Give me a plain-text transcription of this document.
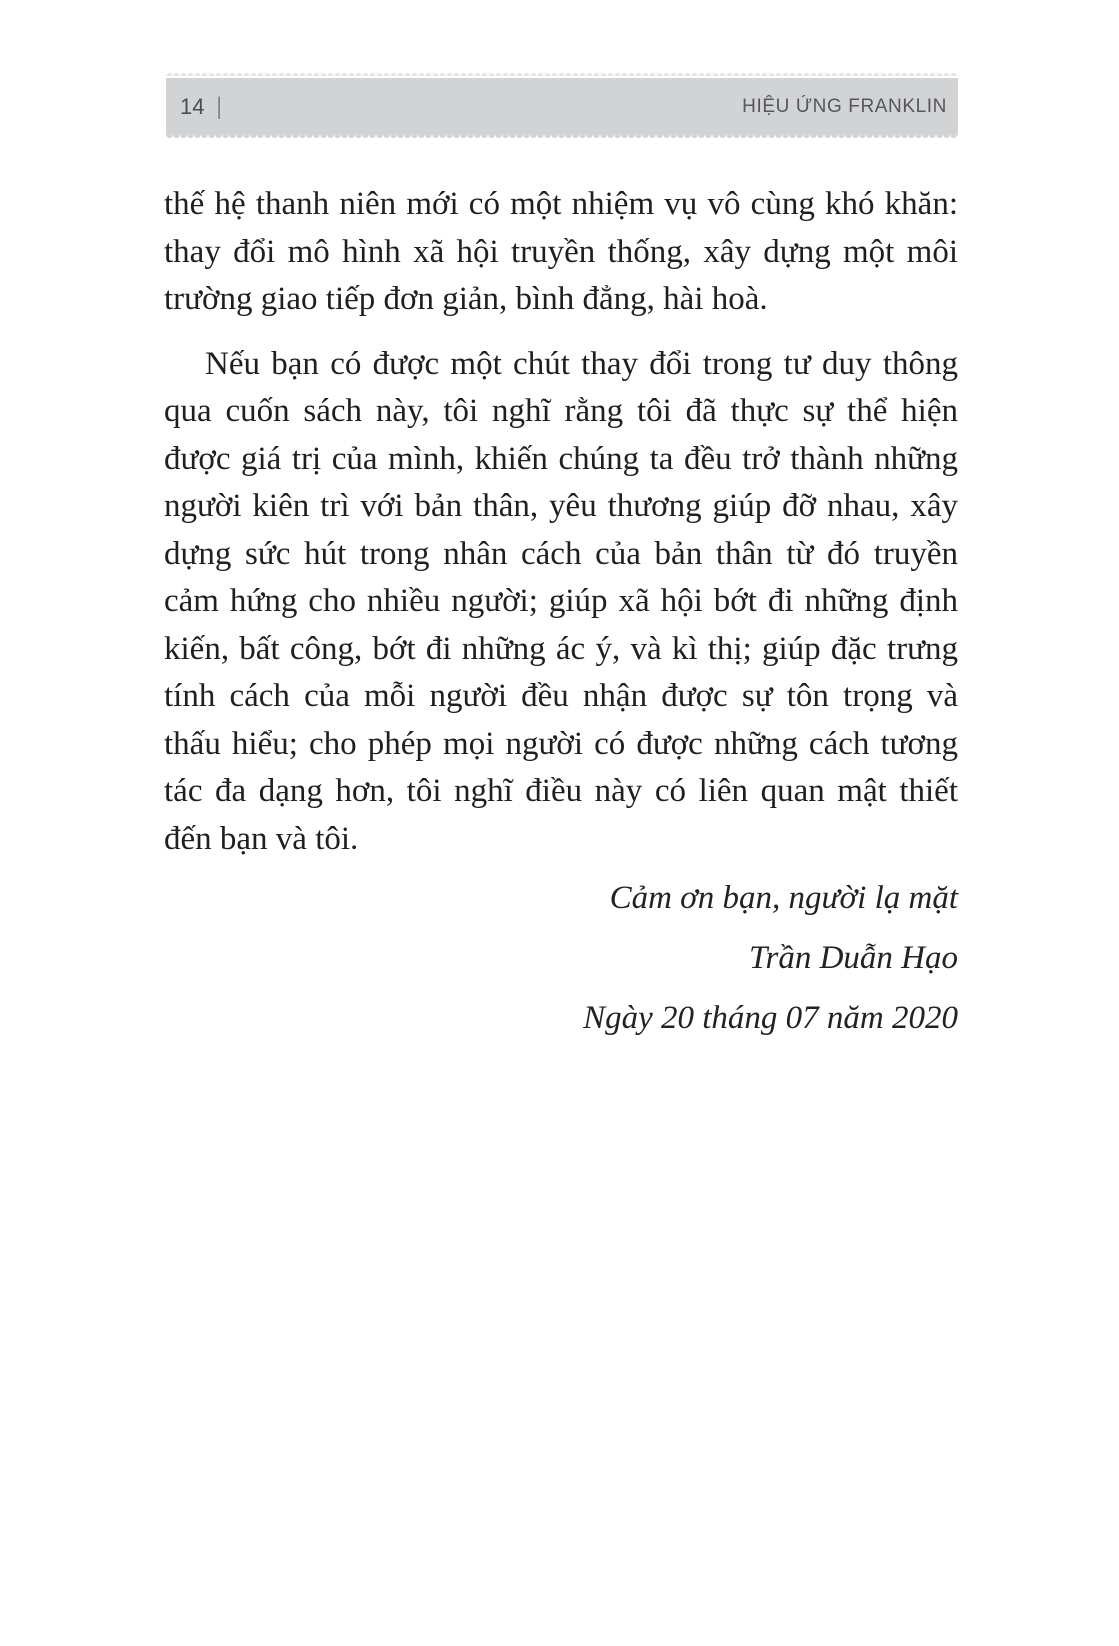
14 |	HIỆU ỨNG FRANKLIN

thế hệ thanh niên mới có một nhiệm vụ vô cùng khó khăn: thay đổi mô hình xã hội truyền thống, xây dựng một môi trường giao tiếp đơn giản, bình đẳng, hài hoà.

Nếu bạn có được một chút thay đổi trong tư duy thông qua cuốn sách này, tôi nghĩ rằng tôi đã thực sự thể hiện được giá trị của mình, khiến chúng ta đều trở thành những người kiên trì với bản thân, yêu thương giúp đỡ nhau, xây dựng sức hút trong nhân cách của bản thân từ đó truyền cảm hứng cho nhiều người; giúp xã hội bớt đi những định kiến, bất công, bớt đi những ác ý, và kì thị; giúp đặc trưng tính cách của mỗi người đều nhận được sự tôn trọng và thấu hiểu; cho phép mọi người có được những cách tương tác đa dạng hơn, tôi nghĩ điều này có liên quan mật thiết đến bạn và tôi.

Cảm ơn bạn, người lạ mặt
Trần Duẫn Hạo
Ngày 20 tháng 07 năm 2020
